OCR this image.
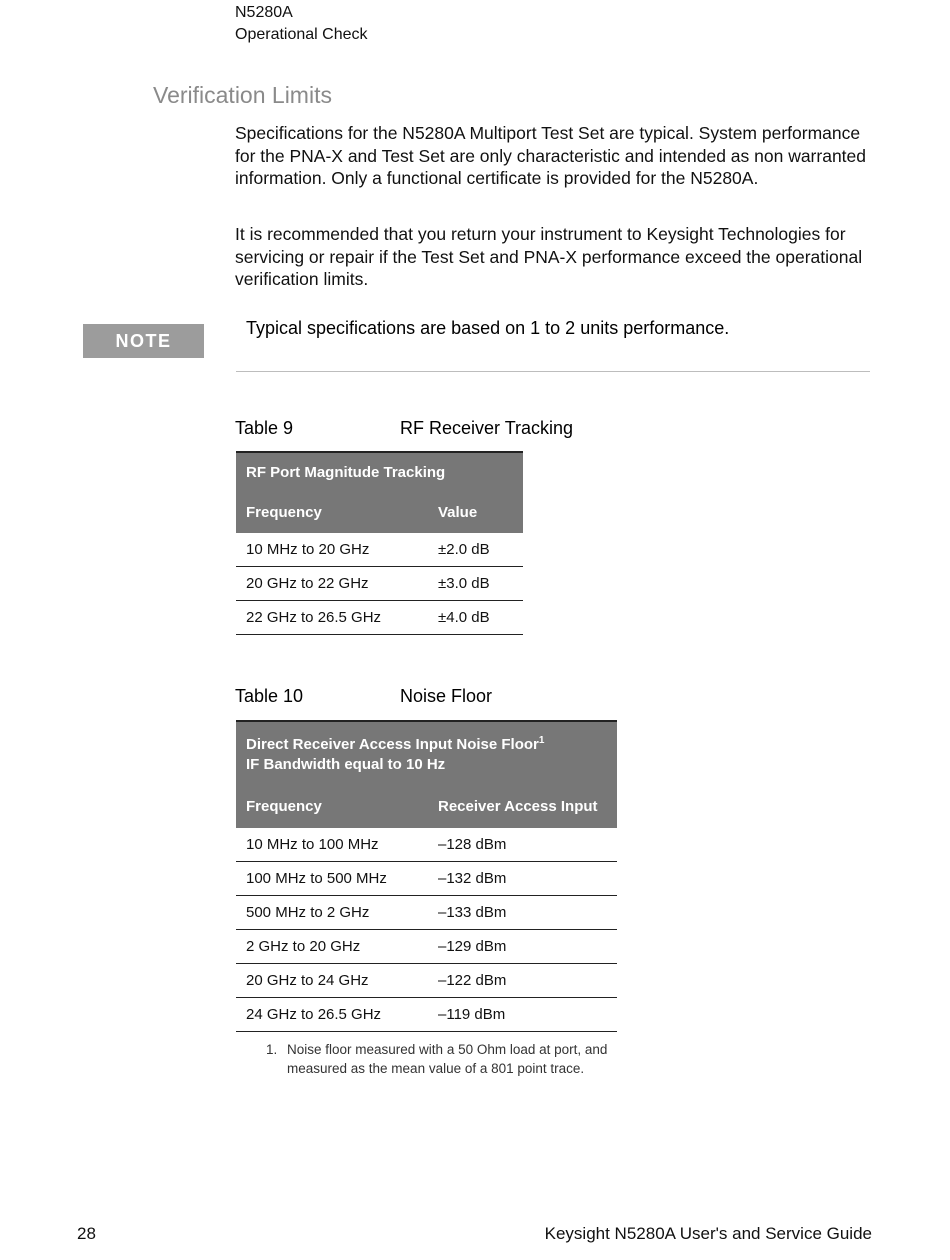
N5280A
Operational Check
Verification Limits
Specifications for the N5280A Multiport Test Set are typical. System performance for the PNA-X and Test Set are only characteristic and intended as non warranted information. Only a functional certificate is provided for the N5280A.
It is recommended that you return your instrument to Keysight Technologies for servicing or repair if the Test Set and PNA-X performance exceed the operational verification limits.
NOTE
Typical specifications are based on 1 to 2 units performance.
Table 9	RF Receiver Tracking
RF Port Magnitude Tracking	
Frequency	Value
10 MHz to 20 GHz	±2.0 dB
20 GHz to 22 GHz	±3.0 dB
22 GHz to 26.5 GHz	±4.0 dB
Table 10	Noise Floor
Direct Receiver Access Input Noise Floor$^1$
IF Bandwidth equal to 10 Hz	
Frequency	Receiver Access Input
10 MHz to 100 MHz	–128 dBm
100 MHz to 500 MHz	–132 dBm
500 MHz to 2 GHz	–133 dBm
2 GHz to 20 GHz	–129 dBm
20 GHz to 24 GHz	–122 dBm
24 GHz to 26.5 GHz	–119 dBm
1. Noise floor measured with a 50 Ohm load at port, and measured as the mean value of a 801 point trace.
28	Keysight N5280A User's and Service Guide
